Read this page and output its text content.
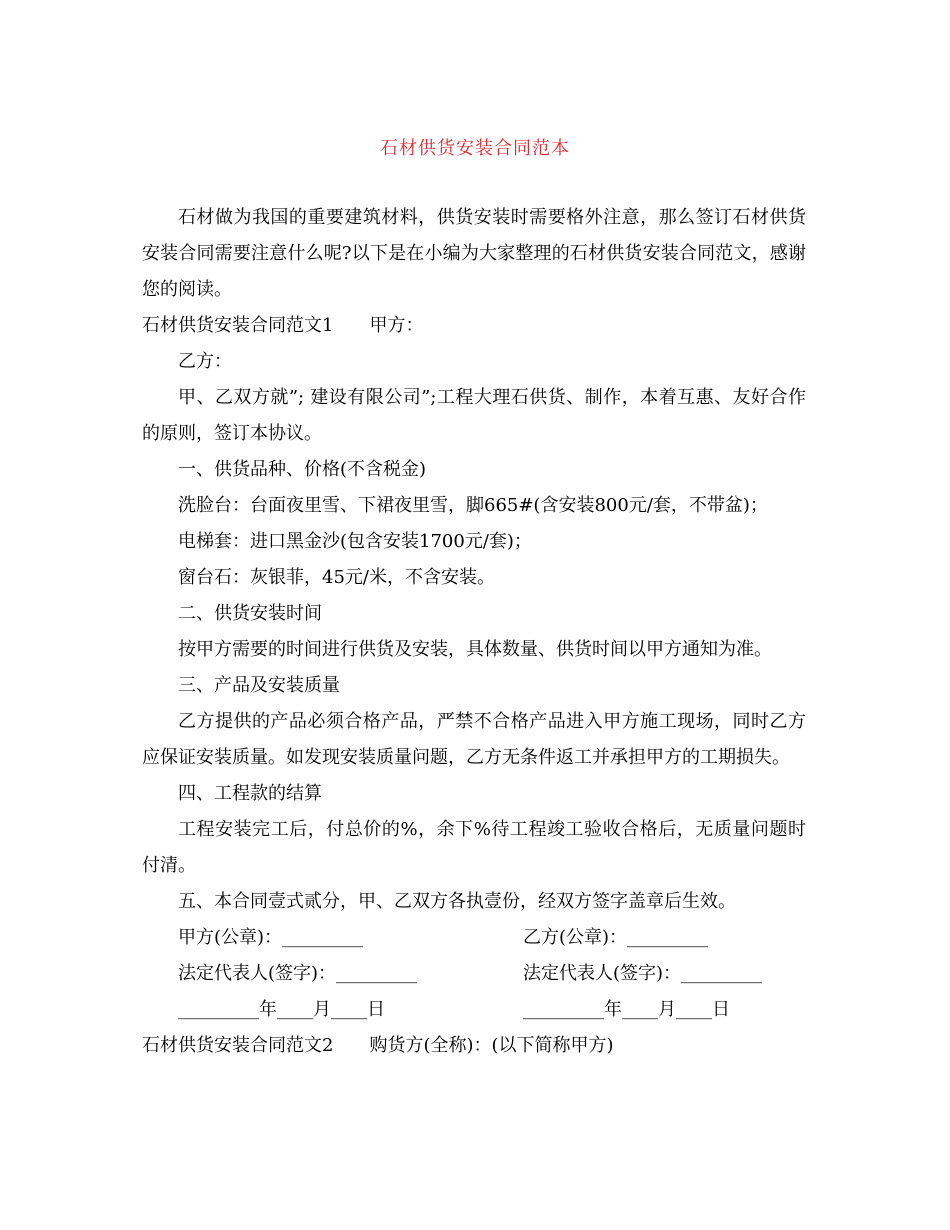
石材供货安装合同范本

石材做为我国的重要建筑材料，供货安装时需要格外注意，那么签订石材供货安装合同需要注意什么呢?以下是在小编为大家整理的石材供货安装合同范文，感谢您的阅读。

石材供货安装合同范文1 甲方：

乙方：

甲、乙双方就”; 建设有限公司”;工程大理石供货、制作，本着互惠、友好合作的原则，签订本协议。

一、供货品种、价格(不含税金)

洗脸台：台面夜里雪、下裙夜里雪，脚665#(含安装800元/套，不带盆)；

电梯套：进口黑金沙(包含安装1700元/套)；

窗台石：灰银菲，45元/米，不含安装。

二、供货安装时间

按甲方需要的时间进行供货及安装，具体数量、供货时间以甲方通知为准。

三、产品及安装质量

乙方提供的产品必须合格产品，严禁不合格产品进入甲方施工现场，同时乙方应保证安装质量。如发现安装质量问题，乙方无条件返工并承担甲方的工期损失。

四、工程款的结算

工程安装完工后，付总价的%，余下%待工程竣工验收合格后，无质量问题时付清。

五、本合同壹式贰分，甲、乙双方各执壹份，经双方签字盖章后生效。

甲方(公章)：_________	乙方(公章)：_________
法定代表人(签字)：_________	法定代表人(签字)：_________
_________年____月____日	_________年____月____日

石材供货安装合同范文2 购货方(全称)：(以下简称甲方)
